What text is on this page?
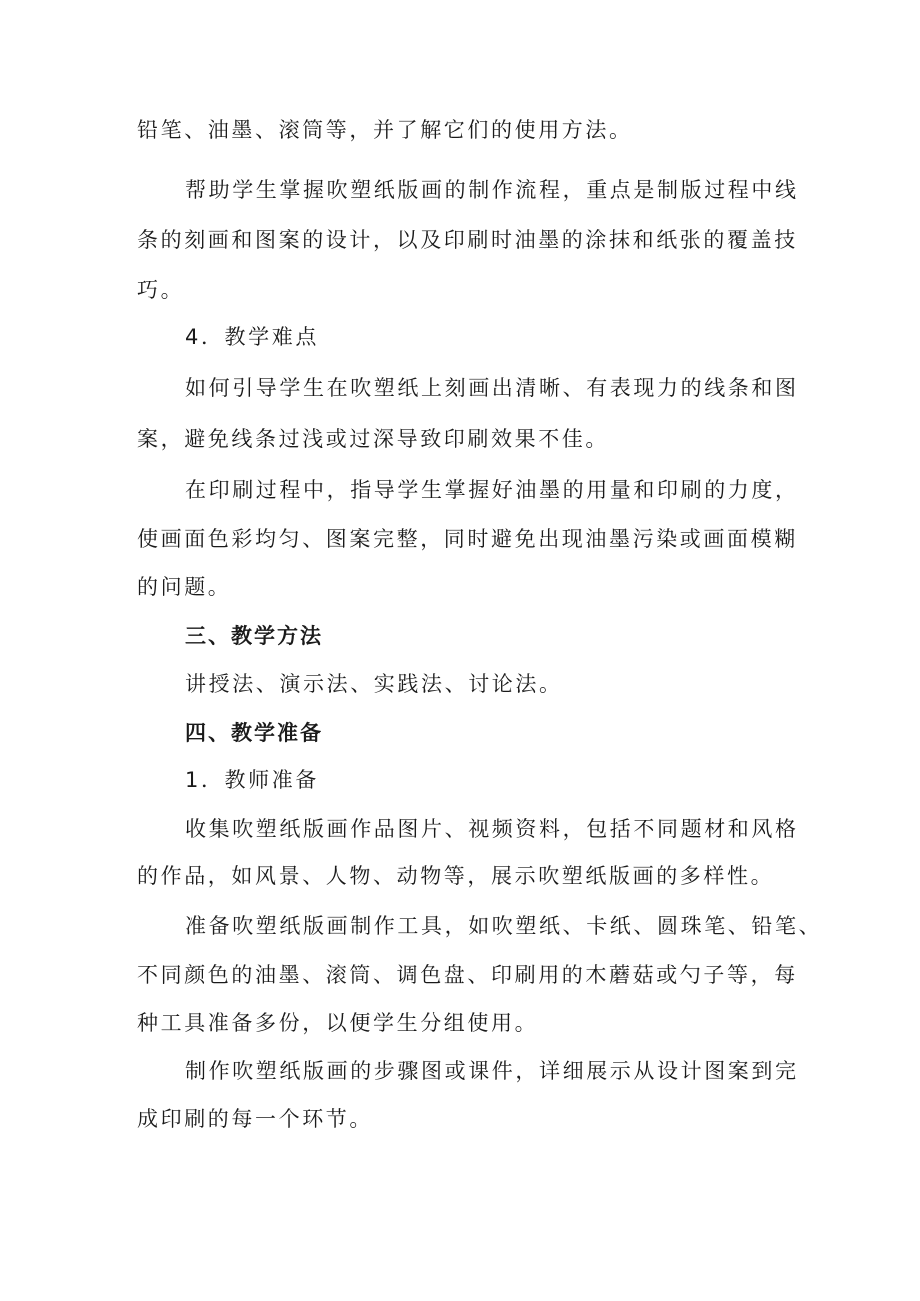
铅笔、油墨、滚筒等，并了解它们的使用方法。
帮助学生掌握吹塑纸版画的制作流程，重点是制版过程中线
条的刻画和图案的设计，以及印刷时油墨的涂抹和纸张的覆盖技
巧。
4．教学难点
如何引导学生在吹塑纸上刻画出清晰、有表现力的线条和图
案，避免线条过浅或过深导致印刷效果不佳。
在印刷过程中，指导学生掌握好油墨的用量和印刷的力度，
使画面色彩均匀、图案完整，同时避免出现油墨污染或画面模糊
的问题。
三、教学方法
讲授法、演示法、实践法、讨论法。
四、教学准备
1．教师准备
收集吹塑纸版画作品图片、视频资料，包括不同题材和风格
的作品，如风景、人物、动物等，展示吹塑纸版画的多样性。
准备吹塑纸版画制作工具，如吹塑纸、卡纸、圆珠笔、铅笔、
不同颜色的油墨、滚筒、调色盘、印刷用的木蘑菇或勺子等，每
种工具准备多份，以便学生分组使用。
制作吹塑纸版画的步骤图或课件，详细展示从设计图案到完
成印刷的每一个环节。
